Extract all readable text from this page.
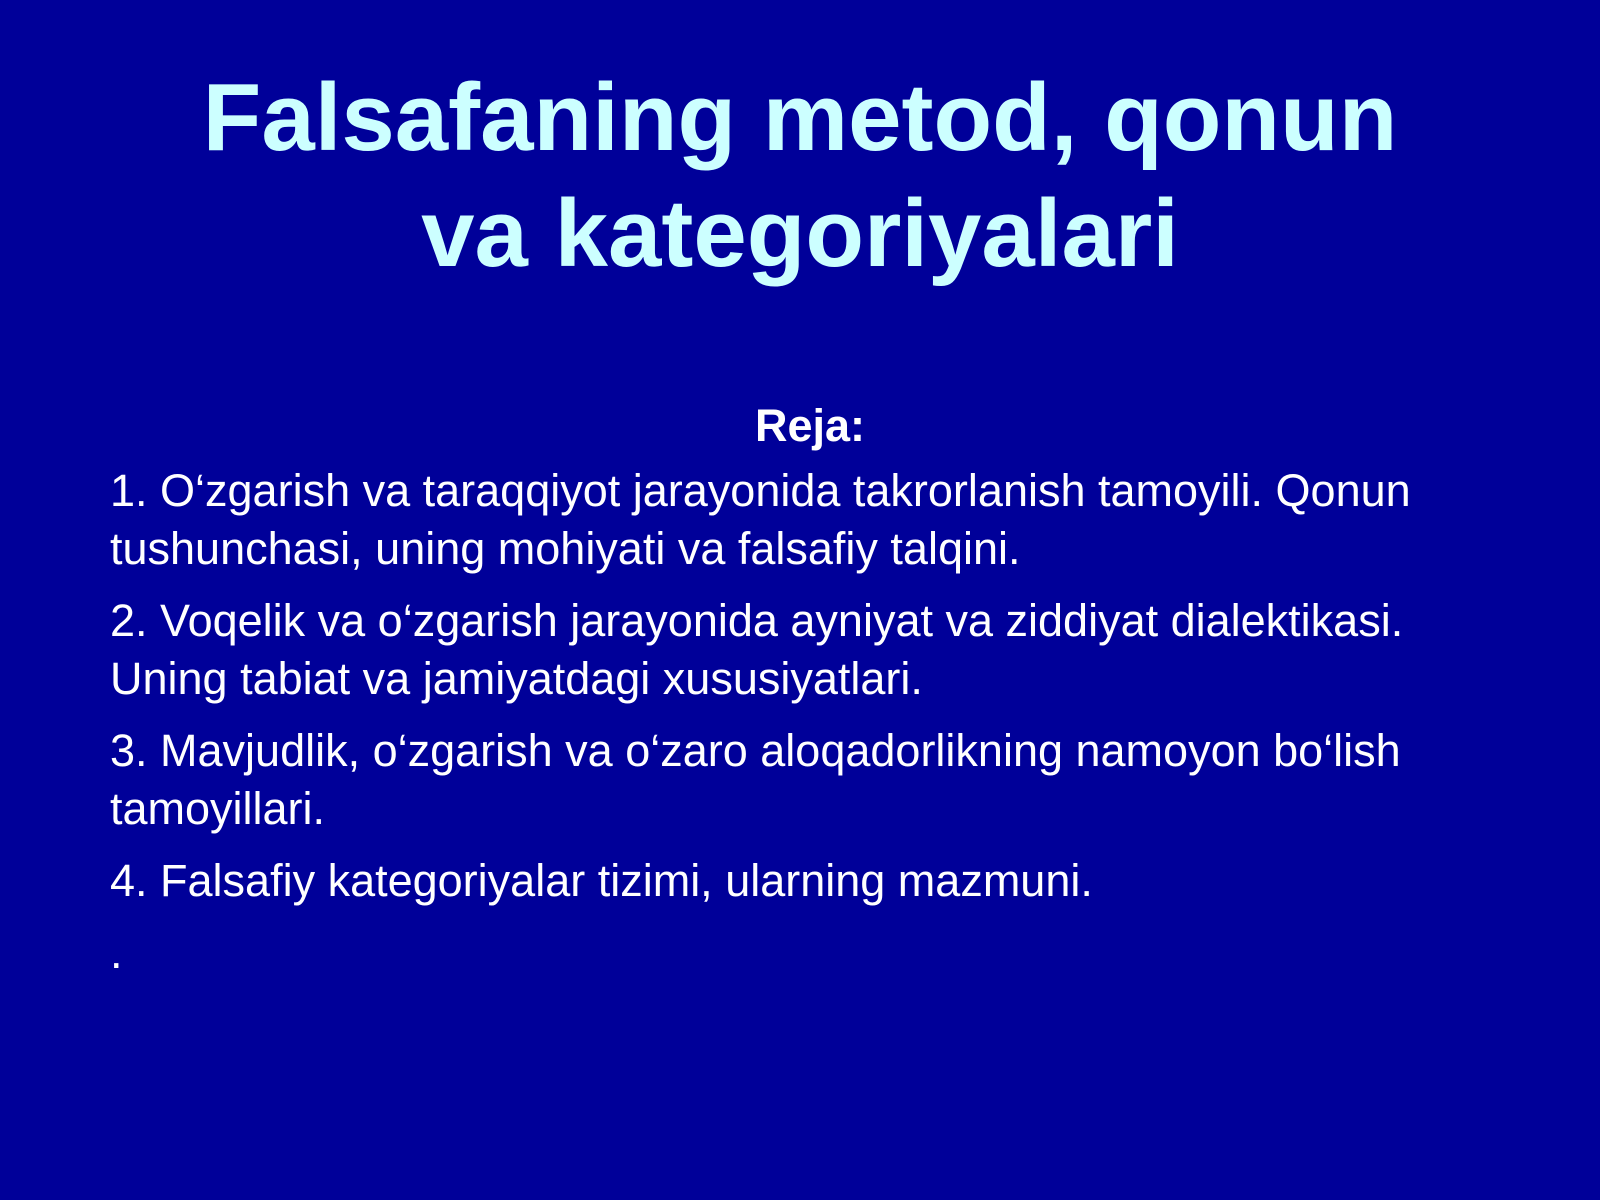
Falsafaning metod, qonun
va kategoriyalari

Reja:

1. O‘zgarish va taraqqiyot jarayonida takrorlanish tamoyili. Qonun tushunchasi, uning mohiyati va falsafiy talqini.

2. Voqelik va o‘zgarish jarayonida ayniyat va ziddiyat dialektikasi. Uning tabiat va jamiyatdagi xususiyatlari.

3. Mavjudlik, o‘zgarish va o‘zaro aloqadorlikning namoyon bo‘lish tamoyillari.

4. Falsafiy kategoriyalar tizimi, ularning mazmuni.

.
